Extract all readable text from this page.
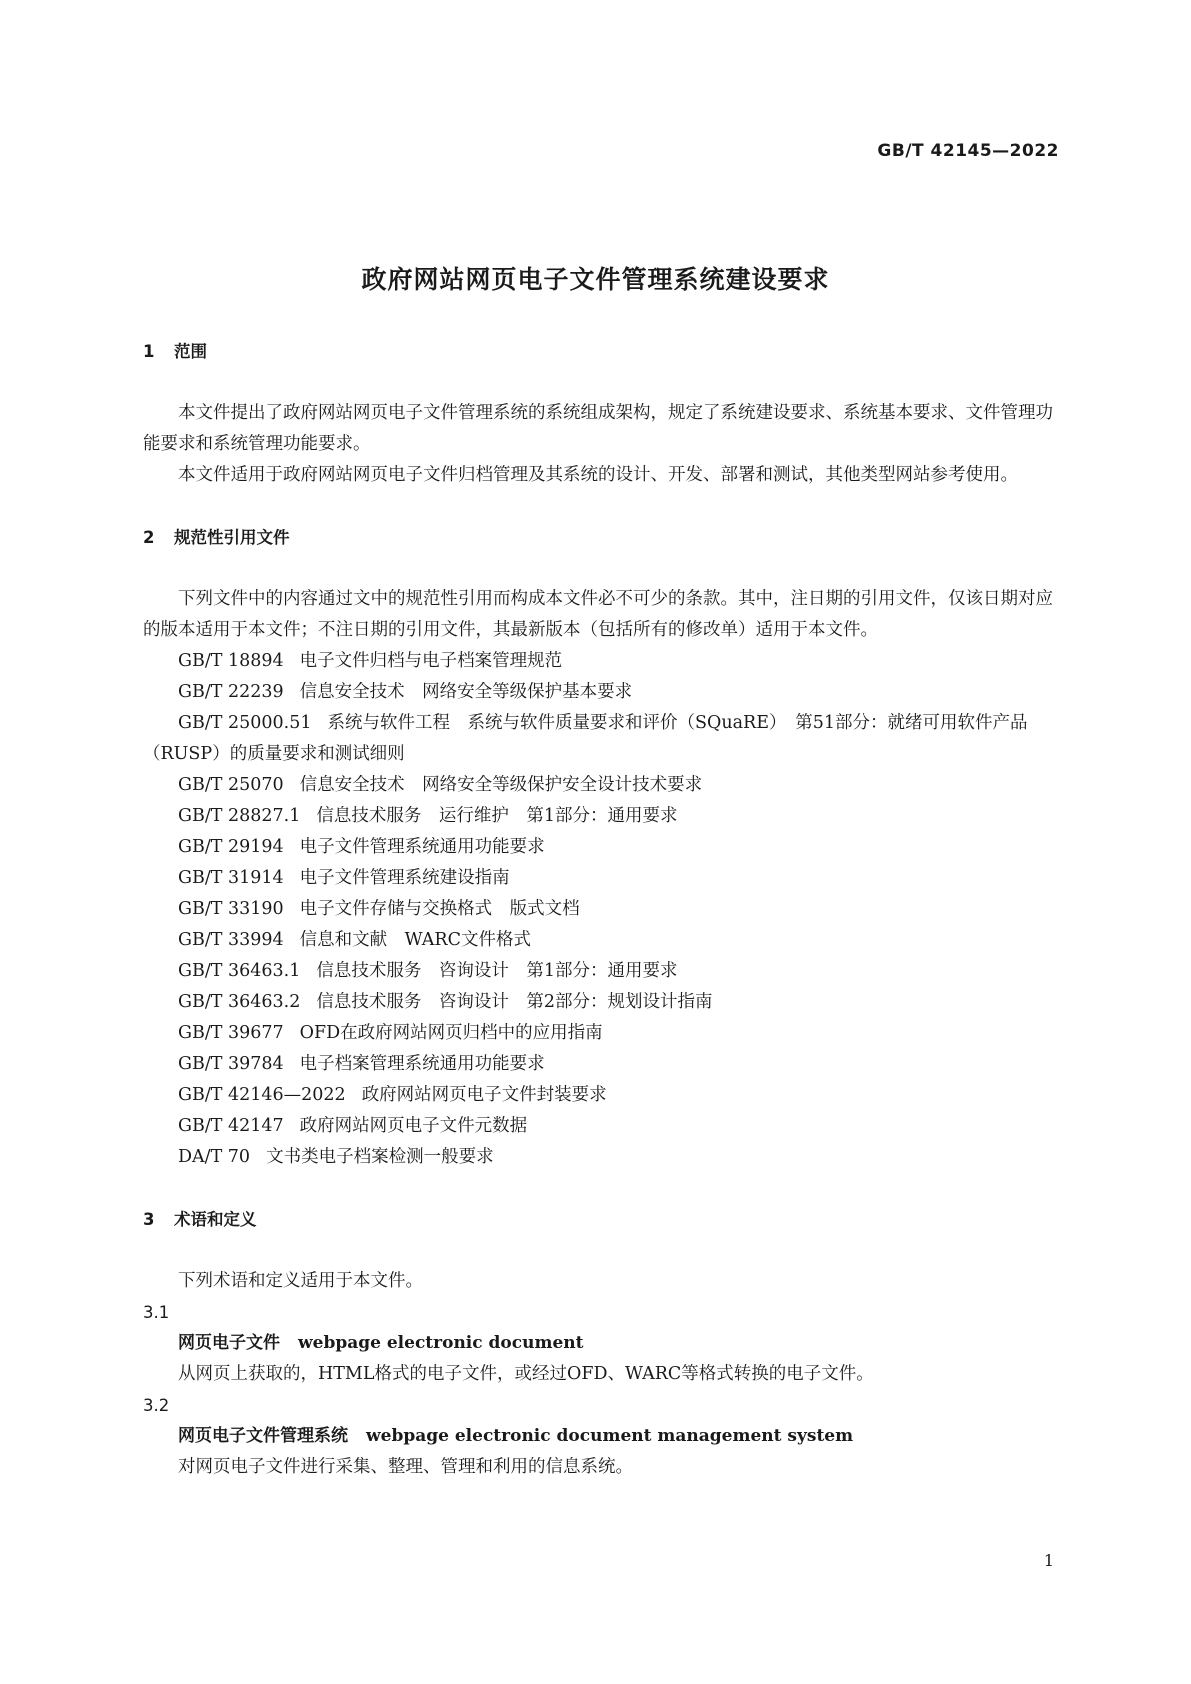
GB/T 42145—2022
政府网站网页电子文件管理系统建设要求
1 范围

本文件提出了政府网站网页电子文件管理系统的系统组成架构，规定了系统建设要求、系统基本要求、文件管理功能要求和系统管理功能要求。

本文件适用于政府网站网页电子文件归档管理及其系统的设计、开发、部署和测试，其他类型网站参考使用。

2 规范性引用文件

下列文件中的内容通过文中的规范性引用而构成本文件必不可少的条款。其中，注日期的引用文件，仅该日期对应的版本适用于本文件；不注日期的引用文件，其最新版本（包括所有的修改单）适用于本文件。

GB/T 18894 电子文件归档与电子档案管理规范

GB/T 22239 信息安全技术　网络安全等级保护基本要求

GB/T 25000.51 系统与软件工程　系统与软件质量要求和评价（SQuaRE）　第51部分：就绪可用软件产品（RUSP）的质量要求和测试细则

GB/T 25070 信息安全技术　网络安全等级保护安全设计技术要求

GB/T 28827.1 信息技术服务　运行维护　第1部分：通用要求

GB/T 29194 电子文件管理系统通用功能要求

GB/T 31914 电子文件管理系统建设指南

GB/T 33190 电子文件存储与交换格式　版式文档

GB/T 33994 信息和文献　WARC文件格式

GB/T 36463.1 信息技术服务　咨询设计　第1部分：通用要求

GB/T 36463.2 信息技术服务　咨询设计　第2部分：规划设计指南

GB/T 39677 OFD在政府网站网页归档中的应用指南

GB/T 39784 电子档案管理系统通用功能要求

GB/T 42146—2022 政府网站网页电子文件封装要求

GB/T 42147 政府网站网页电子文件元数据

DA/T 70 文书类电子档案检测一般要求

3 术语和定义

下列术语和定义适用于本文件。

3.1

网页电子文件 webpage electronic document

从网页上获取的，HTML格式的电子文件，或经过OFD、WARC等格式转换的电子文件。

3.2

网页电子文件管理系统 webpage electronic document management system

对网页电子文件进行采集、整理、管理和利用的信息系统。

1
